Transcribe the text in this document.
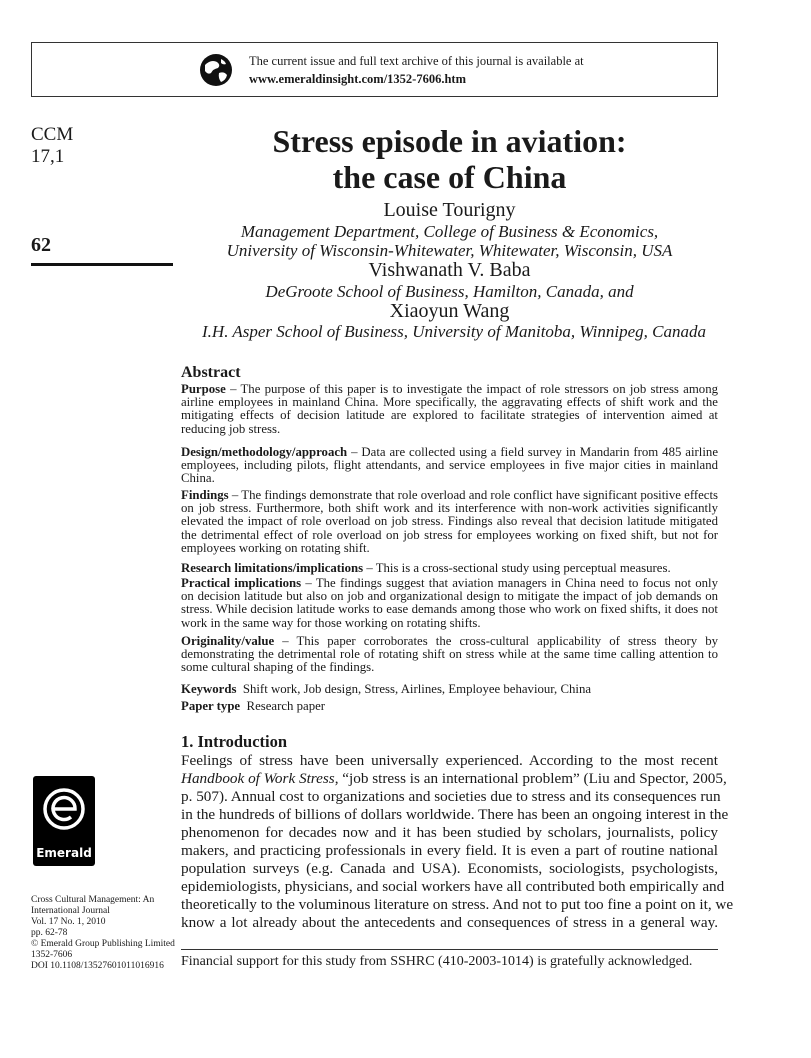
The current issue and full text archive of this journal is available at
www.emeraldinsight.com/1352-7606.htm
CCM
17,1
62
Stress episode in aviation:
the case of China
Louise Tourigny
Management Department, College of Business & Economics,
University of Wisconsin-Whitewater, Whitewater, Wisconsin, USA
Vishwanath V. Baba
DeGroote School of Business, Hamilton, Canada, and
Xiaoyun Wang
I.H. Asper School of Business, University of Manitoba, Winnipeg, Canada
Abstract
Purpose – The purpose of this paper is to investigate the impact of role stressors on job stress among airline employees in mainland China. More specifically, the aggravating effects of shift work and the mitigating effects of decision latitude are explored to facilitate strategies of intervention aimed at reducing job stress.
Design/methodology/approach – Data are collected using a field survey in Mandarin from 485 airline employees, including pilots, flight attendants, and service employees in five major cities in mainland China.
Findings – The findings demonstrate that role overload and role conflict have significant positive effects on job stress. Furthermore, both shift work and its interference with non-work activities significantly elevated the impact of role overload on job stress. Findings also reveal that decision latitude mitigated the detrimental effect of role overload on job stress for employees working on fixed shift, but not for employees working on rotating shift.
Research limitations/implications – This is a cross-sectional study using perceptual measures.
Practical implications – The findings suggest that aviation managers in China need to focus not only on decision latitude but also on job and organizational design to mitigate the impact of job demands on stress. While decision latitude works to ease demands among those who work on fixed shifts, it does not work in the same way for those working on rotating shifts.
Originality/value – This paper corroborates the cross-cultural applicability of stress theory by demonstrating the detrimental role of rotating shift on stress while at the same time calling attention to some cultural shaping of the findings.
Keywords Shift work, Job design, Stress, Airlines, Employee behaviour, China
Paper type Research paper
1. Introduction
Feelings of stress have been universally experienced. According to the most recent
Handbook of Work Stress, “job stress is an international problem” (Liu and Spector, 2005,
p. 507). Annual cost to organizations and societies due to stress and its consequences run
in the hundreds of billions of dollars worldwide. There has been an ongoing interest in the
phenomenon for decades now and it has been studied by scholars, journalists, policy
makers, and practicing professionals in every field. It is even a part of routine national
population surveys (e.g. Canada and USA). Economists, sociologists, psychologists,
epidemiologists, physicians, and social workers have all contributed both empirically and
theoretically to the voluminous literature on stress. And not to put too fine a point on it, we
know a lot already about the antecedents and consequences of stress in a general way.
Financial support for this study from SSHRC (410-2003-1014) is gratefully acknowledged.
Emerald
Cross Cultural Management: An
International Journal
Vol. 17 No. 1, 2010
pp. 62-78
© Emerald Group Publishing Limited
1352-7606
DOI 10.1108/13527601011016916
